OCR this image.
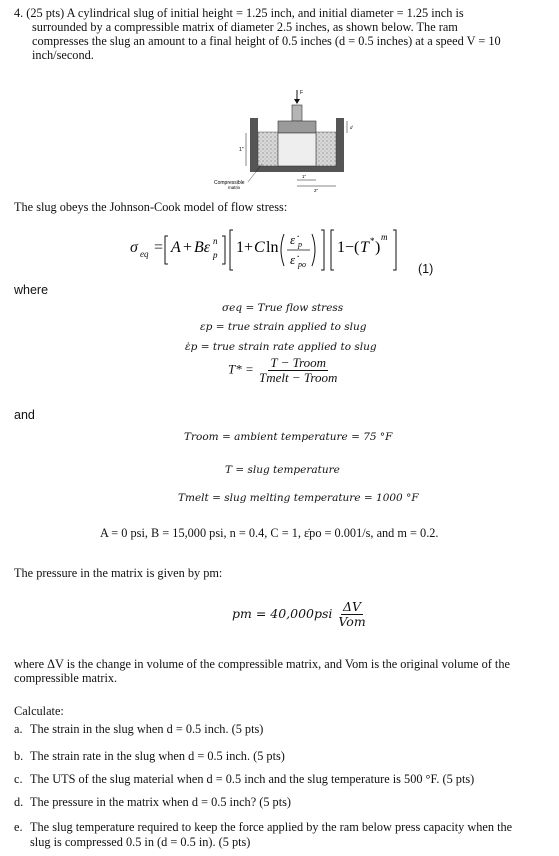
4. (25 pts) A cylindrical slug of initial height = 1.25 inch, and initial diameter = 1.25 inch is
surrounded by a compressible matrix of diameter 2.5 inches, as shown below. The ram
compresses the slug an amount to a final height of 0.5 inches (d = 0.5 inches) at a speed V = 10
inch/second.
F
1"
d
1"
2"
Compressible
matrix
The slug obeys the Johnson-Cook model of flow stress:
σ eq = A + Bε n
p 1+ C ln ε̇ p
ε̇ po
1− ( T * )
m
(1)
where
σeq = True flow stress
εp = true strain applied to slug
ε̇p = true strain rate applied to slug
$T* = \frac{\text{T − Troom}}{\text{Tmelt − Troom}}$
and
Troom = ambient temperature = 75 °F
T = slug temperature
Tmelt = slug melting temperature = 1000 °F
A = 0 psi, B = 15,000 psi, n = 0.4, C = 1, ε̇po = 0.001/s, and m = 0.2.
The pressure in the matrix is given by pm:
pm = $40,000psi \frac{\Delta V}{\text{Vom}}$
where ΔV is the change in volume of the compressible matrix, and Vom is the original volume of the
compressible matrix.
Calculate:
a. The strain in the slug when d = 0.5 inch. (5 pts)
b. The strain rate in the slug when d = 0.5 inch. (5 pts)
c. The UTS of the slug material when d = 0.5 inch and the slug temperature is 500 °F. (5 pts)
d. The pressure in the matrix when d = 0.5 inch? (5 pts)
e. The slug temperature required to keep the force applied by the ram below press capacity when the
slug is compressed 0.5 in (d = 0.5 in). (5 pts)
